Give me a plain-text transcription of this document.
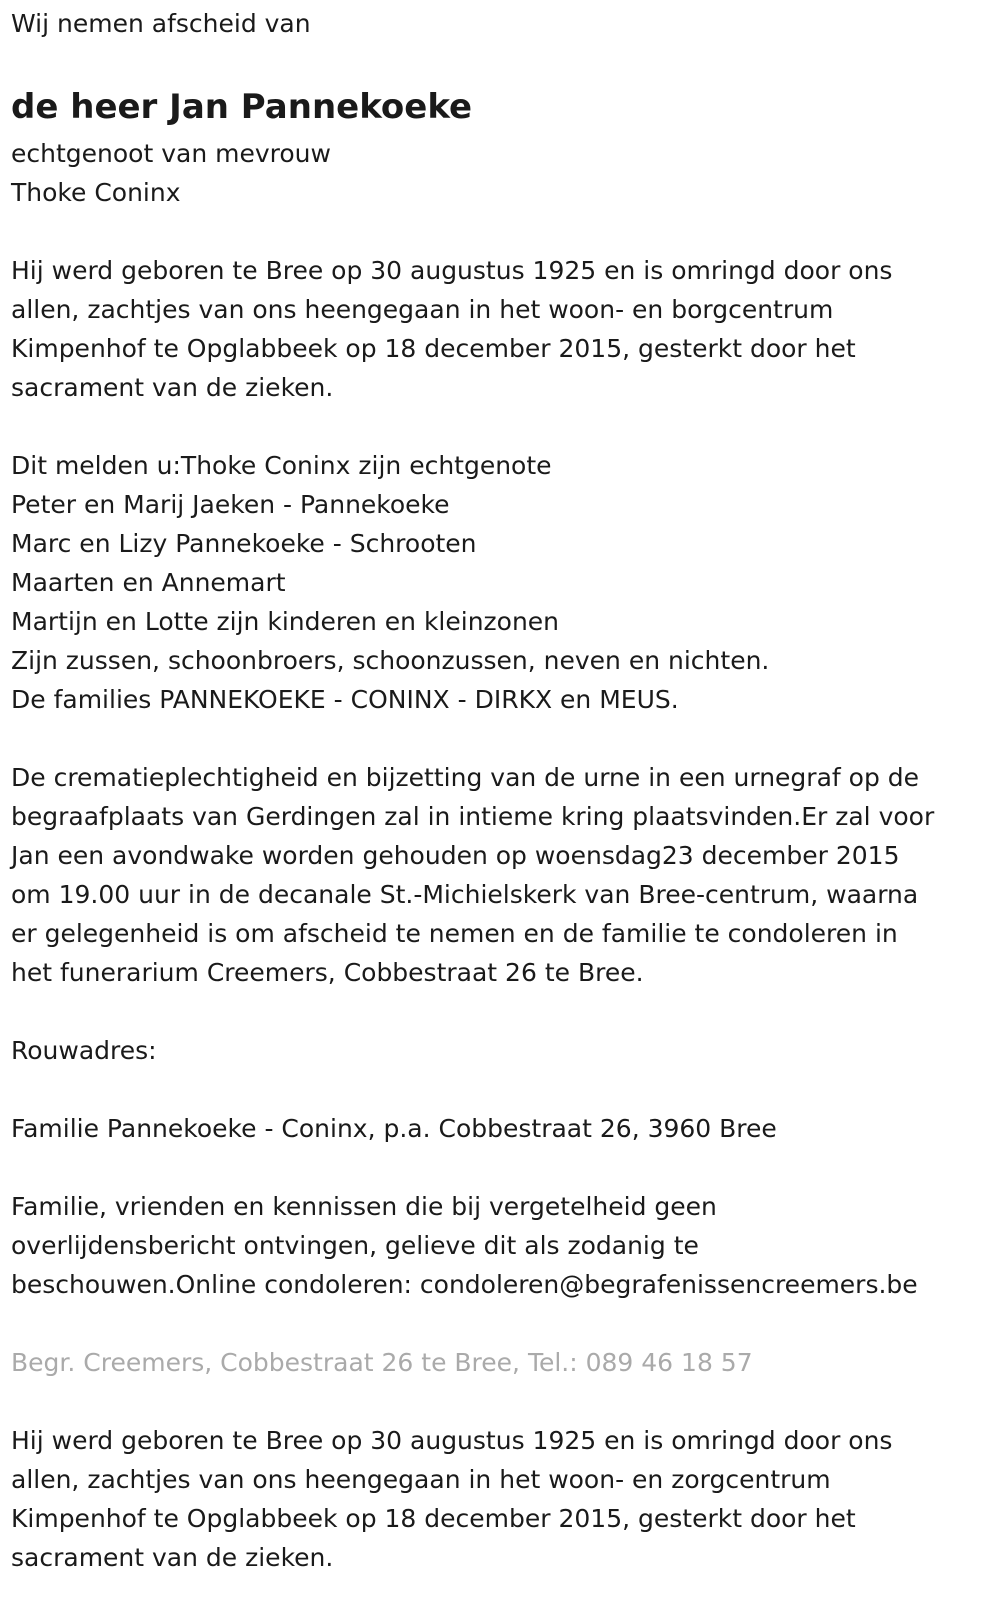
Wij nemen afscheid van

de heer Jan Pannekoeke

echtgenoot van mevrouw

Thoke Coninx

Hij werd geboren te Bree op 30 augustus 1925 en is omringd door ons

allen, zachtjes van ons heengegaan in het woon- en borgcentrum

Kimpenhof te Opglabbeek op 18 december 2015, gesterkt door het

sacrament van de zieken.

Dit melden u:Thoke Coninx zijn echtgenote

Peter en Marij Jaeken - Pannekoeke

Marc en Lizy Pannekoeke - Schrooten

Maarten en Annemart

Martijn en Lotte zijn kinderen en kleinzonen

Zijn zussen, schoonbroers, schoonzussen, neven en nichten.

De families PANNEKOEKE - CONINX - DIRKX en MEUS.

De crematieplechtigheid en bijzetting van de urne in een urnegraf op de

begraafplaats van Gerdingen zal in intieme kring plaatsvinden.Er zal voor

Jan een avondwake worden gehouden op woensdag23 december 2015

om 19.00 uur in de decanale St.-Michielskerk van Bree-centrum, waarna

er gelegenheid is om afscheid te nemen en de familie te condoleren in

het funerarium Creemers, Cobbestraat 26 te Bree.

Rouwadres:

Familie Pannekoeke - Coninx, p.a. Cobbestraat 26, 3960 Bree

Familie, vrienden en kennissen die bij vergetelheid geen

overlijdensbericht ontvingen, gelieve dit als zodanig te

beschouwen.Online condoleren: condoleren@begrafenissencreemers.be

Begr. Creemers, Cobbestraat 26 te Bree, Tel.: 089 46 18 57

Hij werd geboren te Bree op 30 augustus 1925 en is omringd door ons

allen, zachtjes van ons heengegaan in het woon- en zorgcentrum

Kimpenhof te Opglabbeek op 18 december 2015, gesterkt door het

sacrament van de zieken.
